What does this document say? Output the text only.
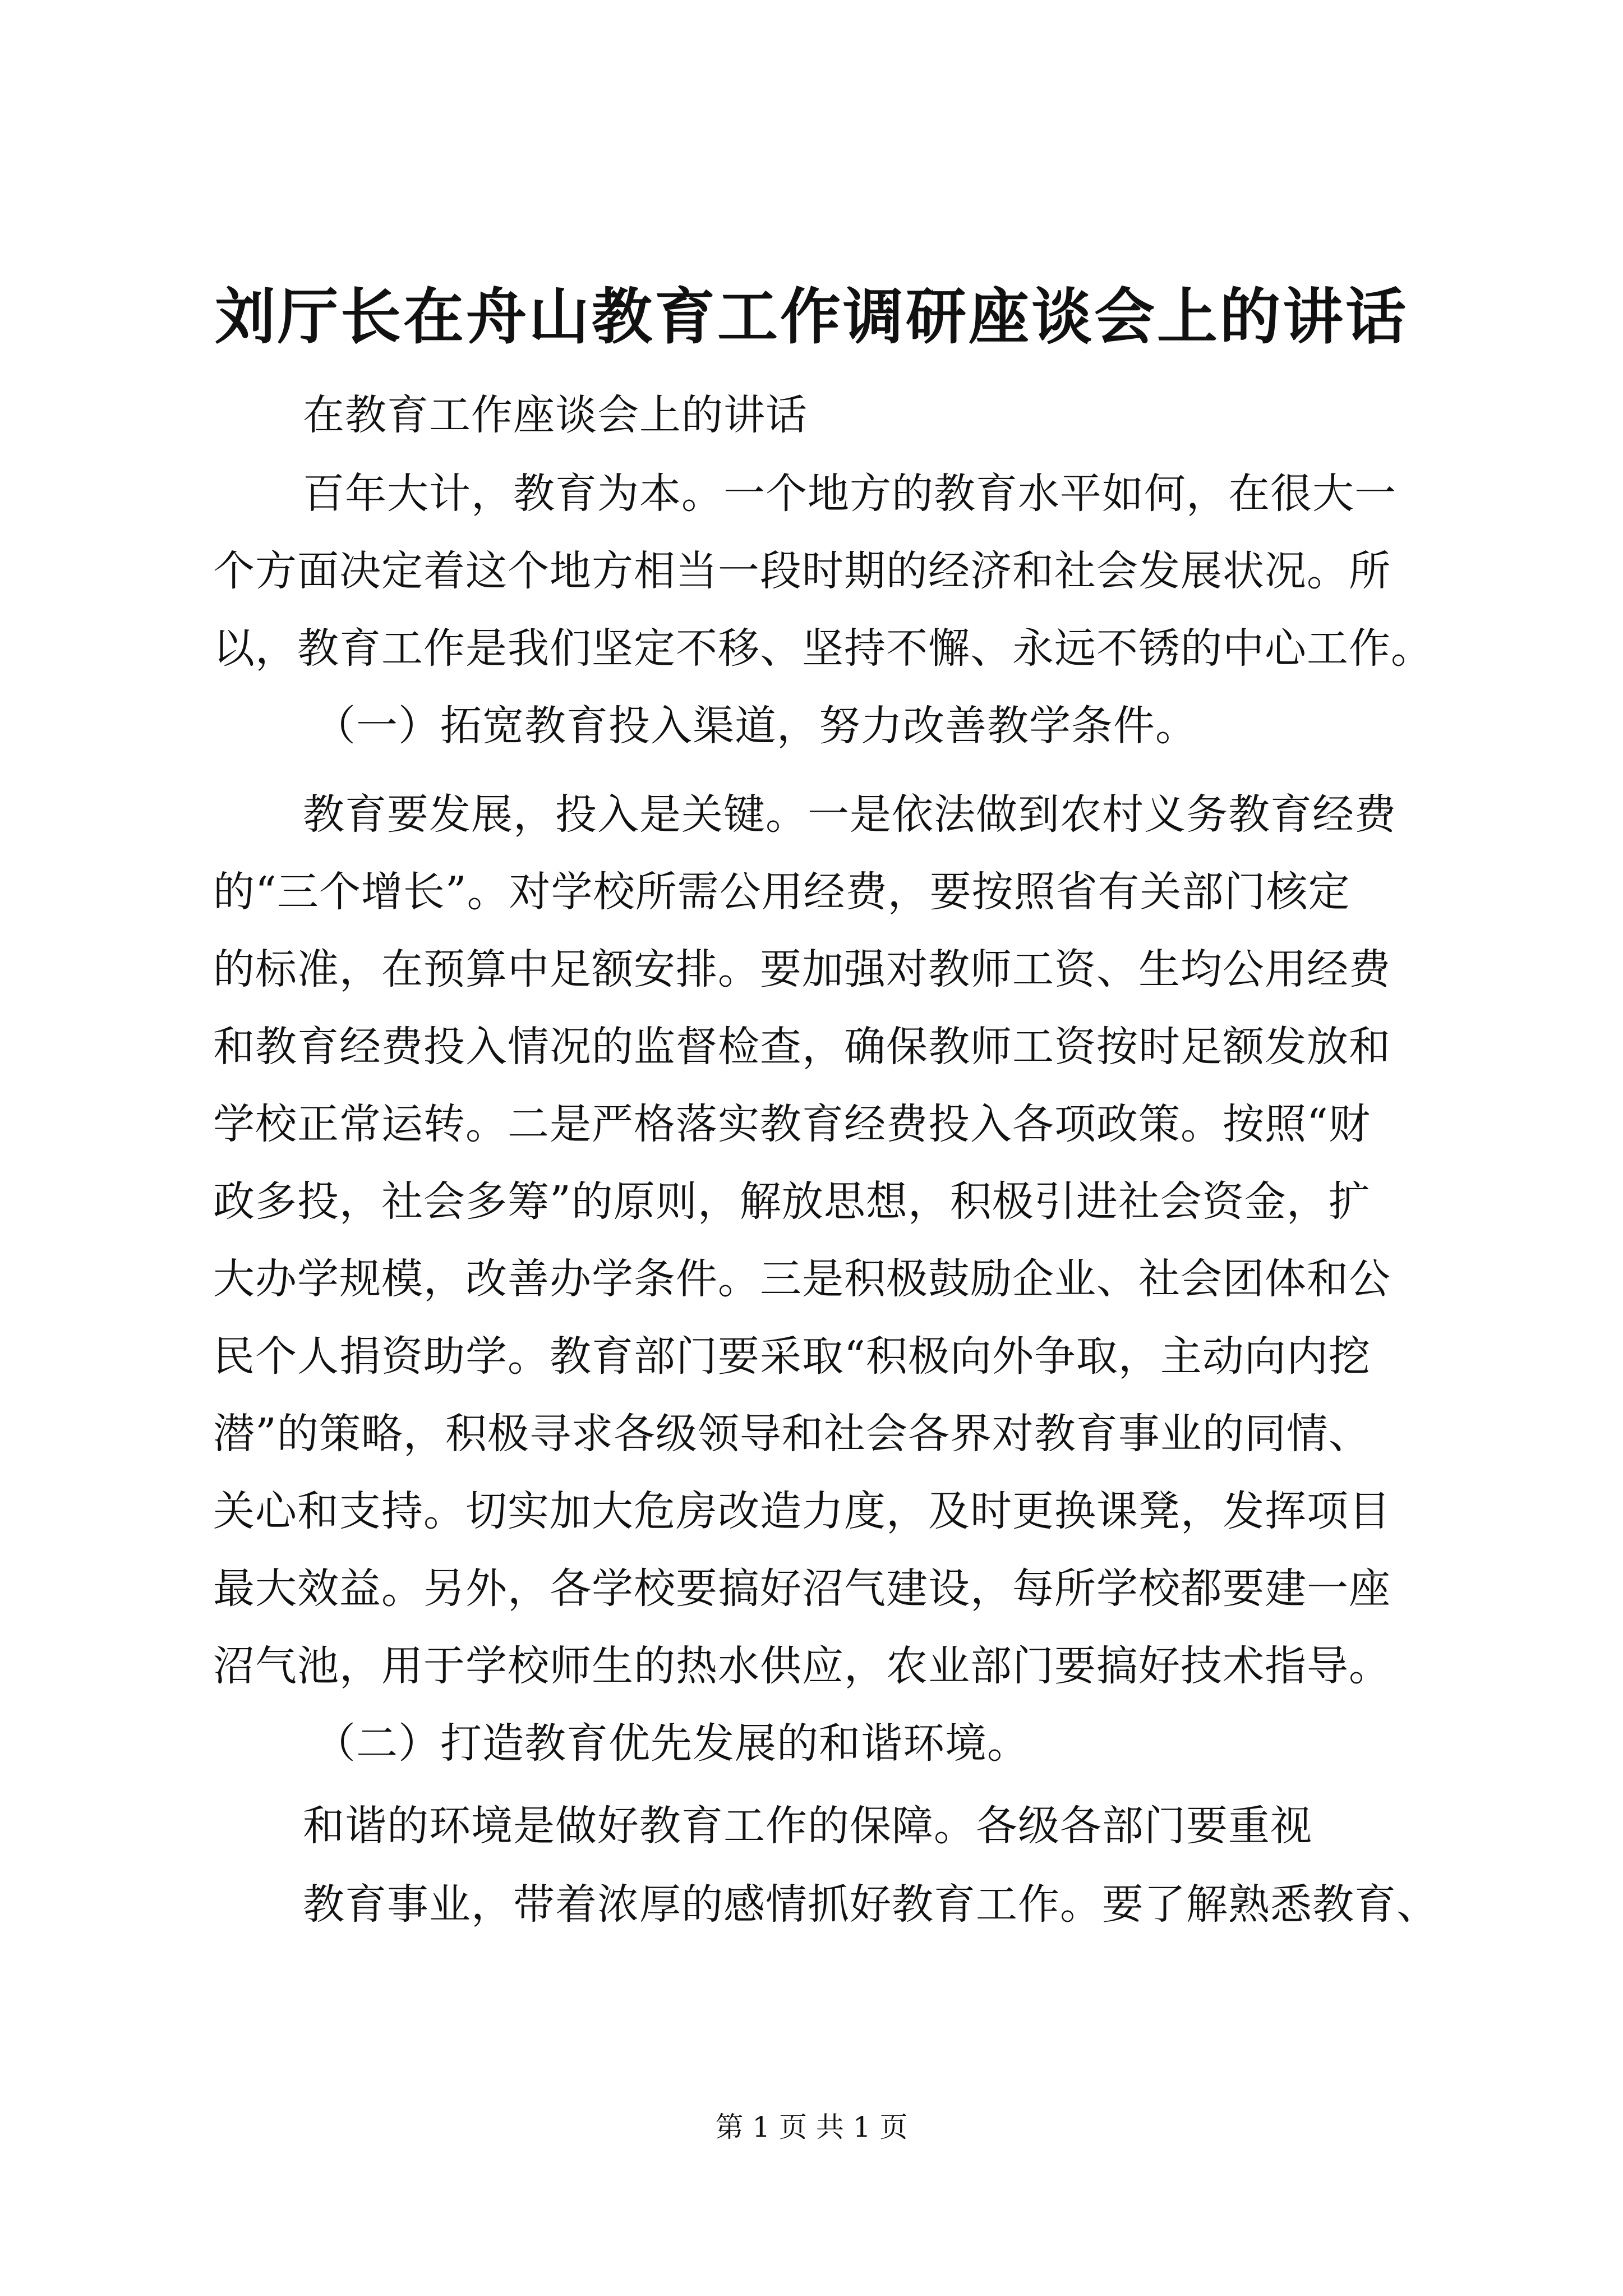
刘厅长在舟山教育工作调研座谈会上的讲话
在教育工作座谈会上的讲话
百年大计，教育为本。一个地方的教育水平如何，在很大一
个方面决定着这个地方相当一段时期的经济和社会发展状况。所
以，教育工作是我们坚定不移、坚持不懈、永远不锈的中心工作。
（一）拓宽教育投入渠道，努力改善教学条件。
教育要发展，投入是关键。一是依法做到农村义务教育经费
的“三个增长”。对学校所需公用经费，要按照省有关部门核定
的标准，在预算中足额安排。要加强对教师工资、生均公用经费
和教育经费投入情况的监督检查，确保教师工资按时足额发放和
学校正常运转。二是严格落实教育经费投入各项政策。按照“财
政多投，社会多筹”的原则，解放思想，积极引进社会资金，扩
大办学规模，改善办学条件。三是积极鼓励企业、社会团体和公
民个人捐资助学。教育部门要采取“积极向外争取，主动向内挖
潜”的策略，积极寻求各级领导和社会各界对教育事业的同情、
关心和支持。切实加大危房改造力度，及时更换课凳，发挥项目
最大效益。另外，各学校要搞好沼气建设，每所学校都要建一座
沼气池，用于学校师生的热水供应，农业部门要搞好技术指导。
（二）打造教育优先发展的和谐环境。
和谐的环境是做好教育工作的保障。各级各部门要重视
教育事业，带着浓厚的感情抓好教育工作。要了解熟悉教育、
第 1 页 共 1 页
